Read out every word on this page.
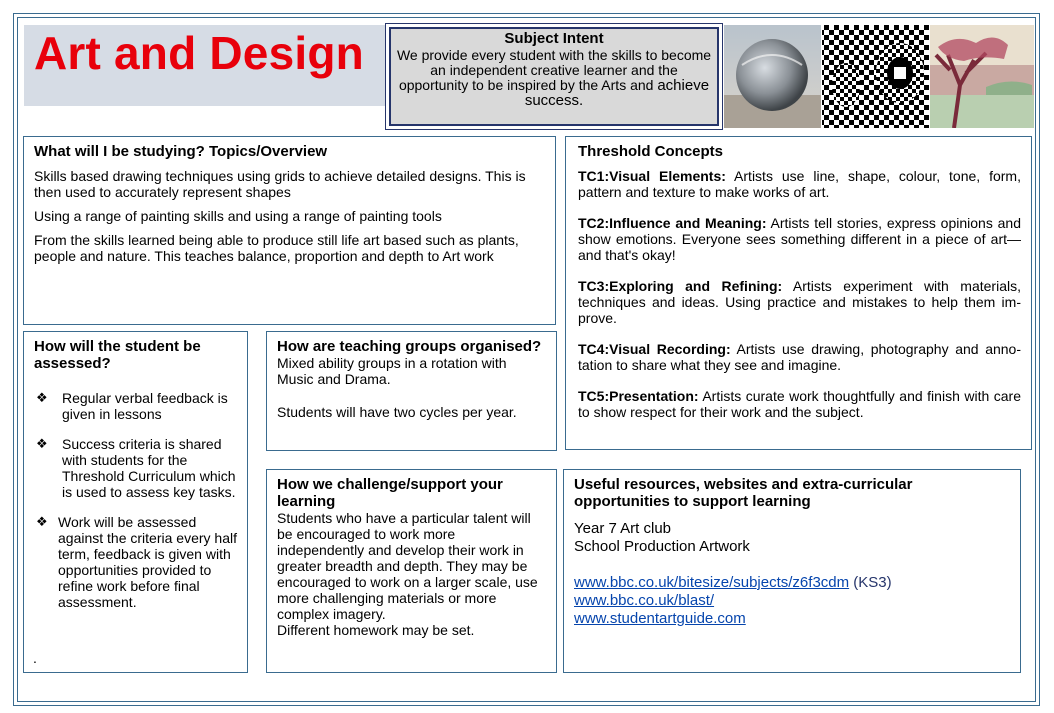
Art and Design	Subject Intent
We provide every student with the skills to become an independent creative learner and the opportunity to be inspired by the Arts and achieve success.
What will I be studying? Topics/Overview

Skills based drawing techniques using grids to achieve detailed designs. This is then used to accurately represent shapes

Using a range of painting skills and using a range of painting tools

From the skills learned being able to produce still life art based such as plants, people and nature. This teaches balance, proportion and depth to Art work

Threshold Concepts

TC1:Visual Elements: Artists use line, shape, colour, tone, form, pattern and texture to make works of art.

TC2:Influence and Meaning: Artists tell stories, express opinions and show emotions. Everyone sees something different in a piece of art—and that's okay!

TC3:Exploring and Refining: Artists experiment with materials, techniques and ideas. Using practice and mistakes to help them im-prove.

TC4:Visual Recording: Artists use drawing, photography and anno-tation to share what they see and imagine.

TC5:Presentation: Artists curate work thoughtfully and finish with care to show respect for their work and the subject.

How will the student be assessed?
❖ Regular verbal feedback is given in lessons
❖ Success criteria is shared with students for the Threshold Curriculum which is used to assess key tasks.
❖ Work will be assessed against the criteria every half term, feedback is given with opportunities provided to refine work before final assessment.
.
How are teaching groups organised?

Mixed ability groups in a rotation with Music and Drama.

Students will have two cycles per year.

How we challenge/support your learning

Students who have a particular talent will be encouraged to work more independently and develop their work in greater breadth and depth. They may be encouraged to work on a larger scale, use more challenging materials or more complex imagery.

Different homework may be set.

Useful resources, websites and extra-curricular opportunities to support learning

Year 7 Art club

School Production Artwork

www.bbc.co.uk/bitesize/subjects/z6f3cdm (KS3)

www.bbc.co.uk/blast/

www.studentartguide.com
